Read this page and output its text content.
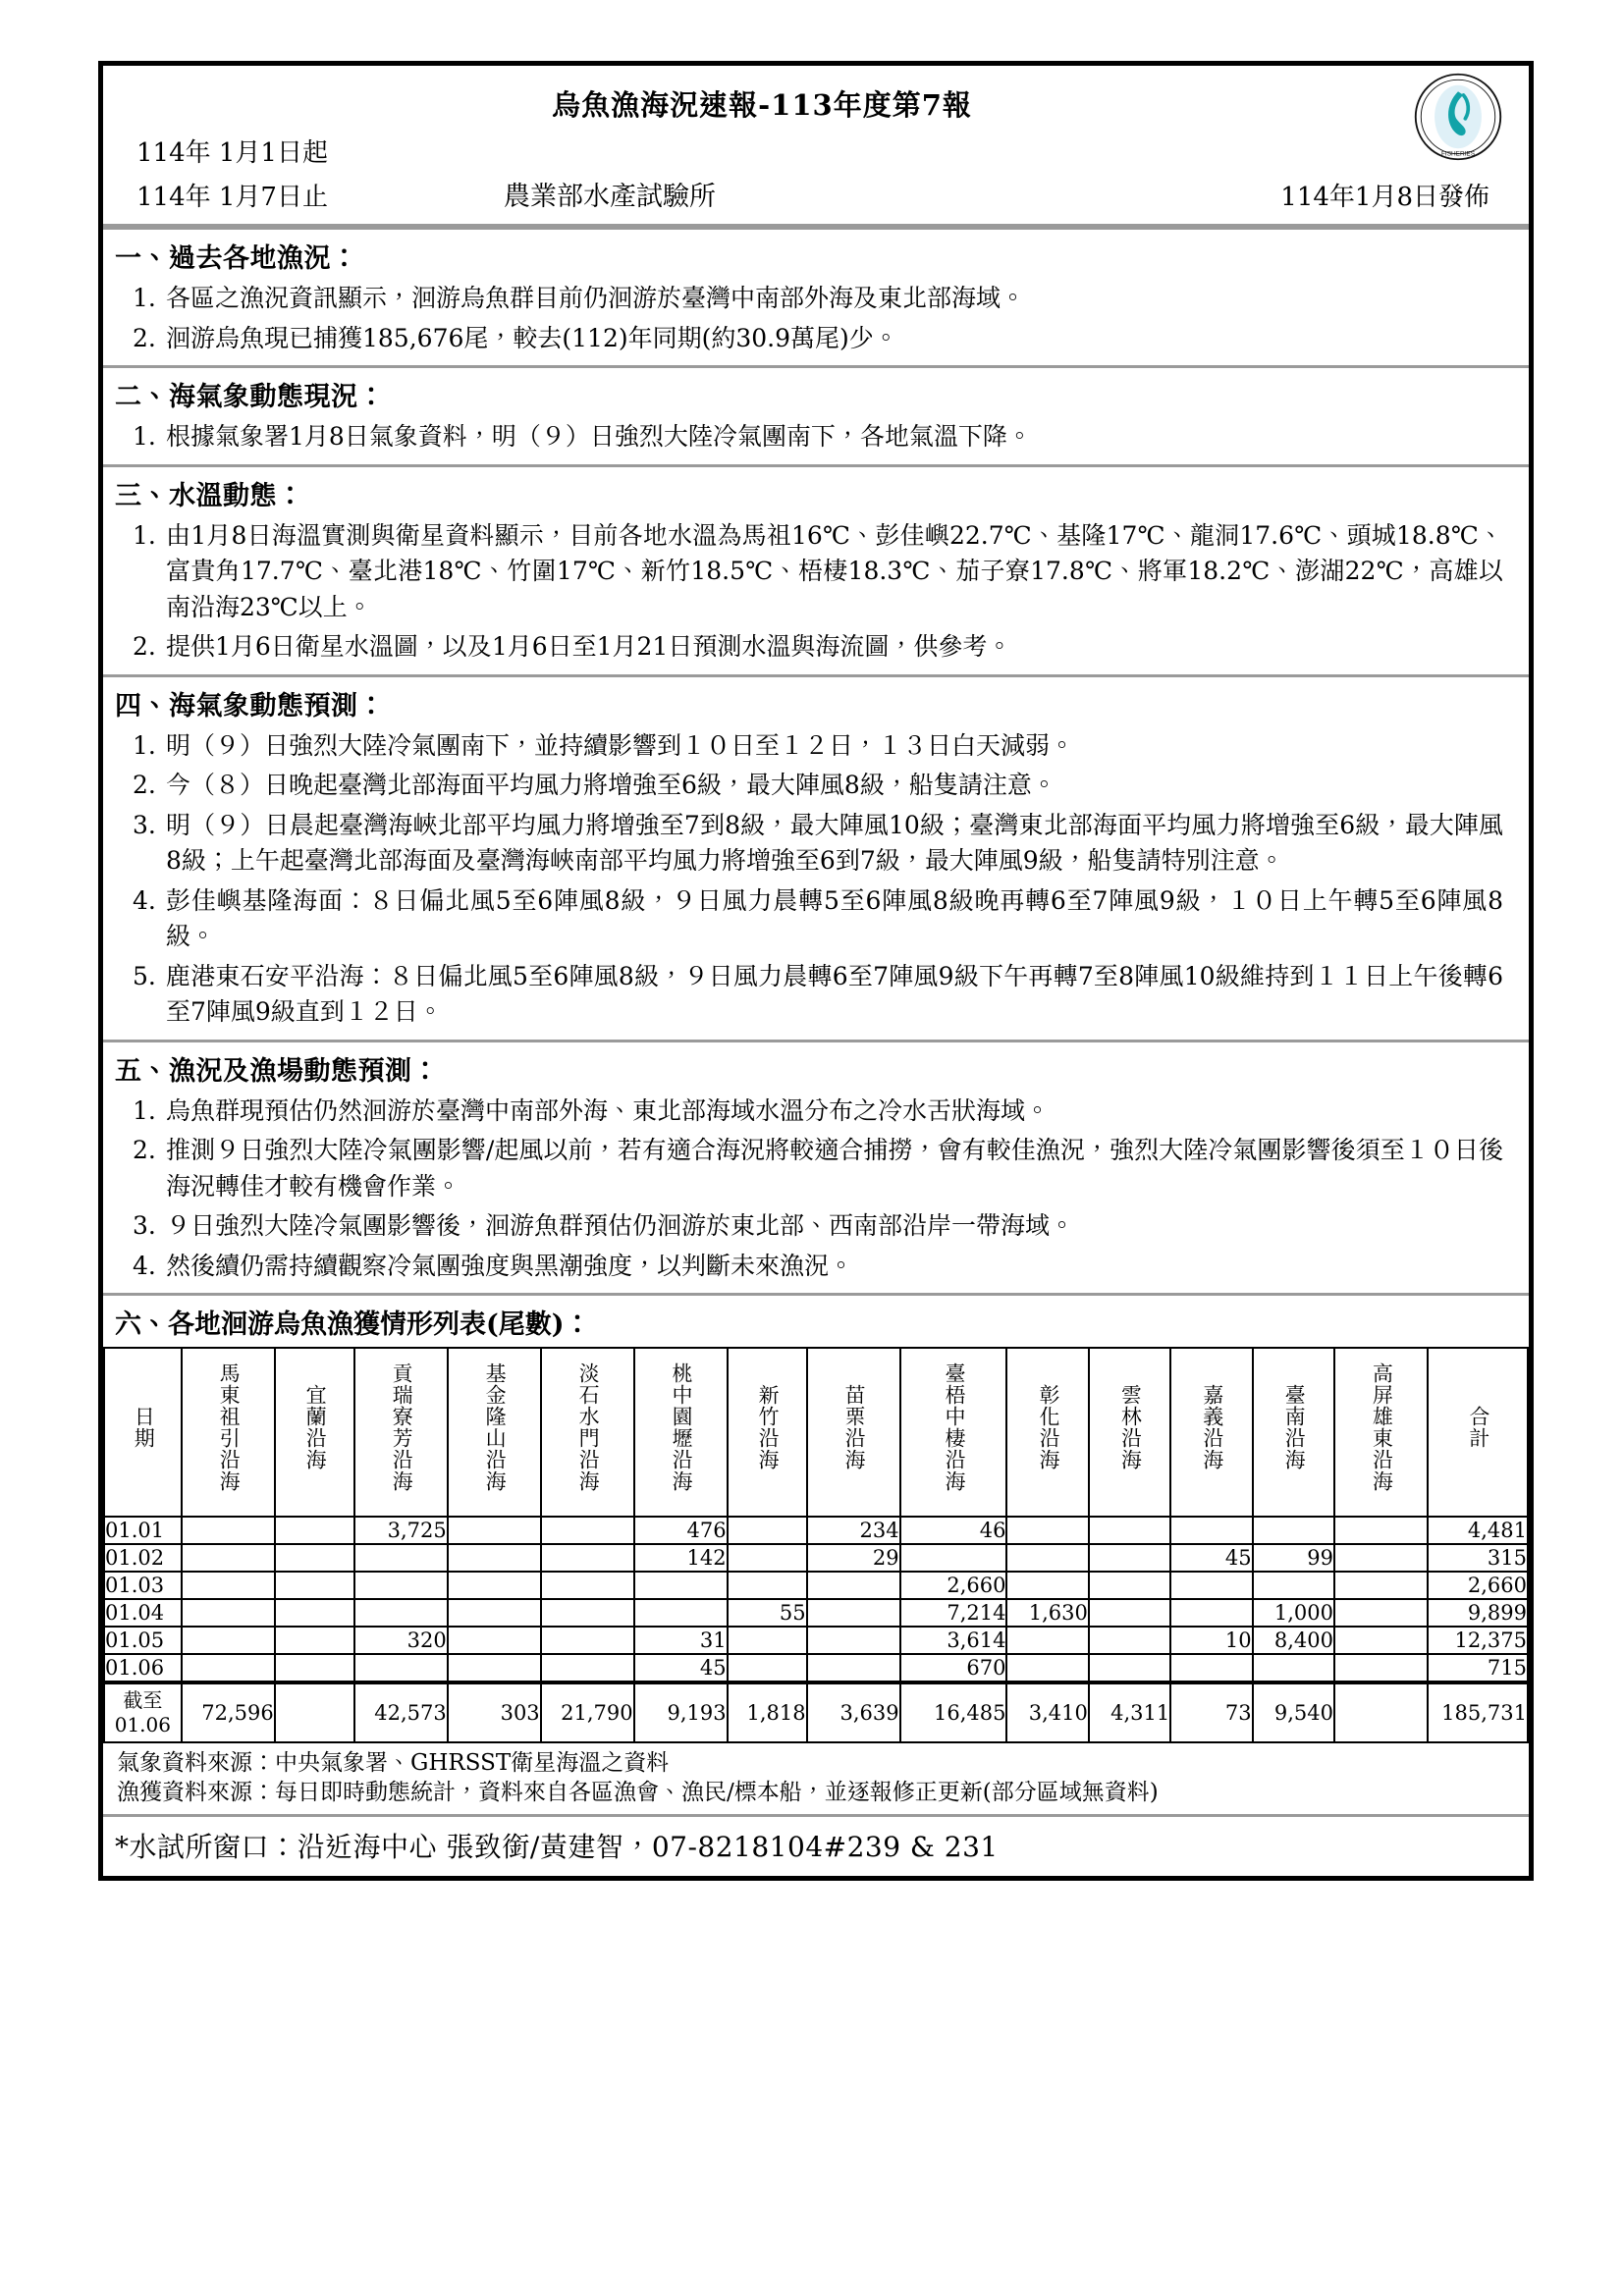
FISHERIES
烏魚漁海況速報-113年度第7報
114年 1月1日起
114年 1月7日止	農業部水產試驗所	114年1月8日發佈
一、過去各地漁況：
1. 各區之漁況資訊顯示，洄游烏魚群目前仍洄游於臺灣中南部外海及東北部海域。
2. 洄游烏魚現已捕獲185,676尾，較去(112)年同期(約30.9萬尾)少。
二、海氣象動態現況：
1. 根據氣象署1月8日氣象資料，明（９）日強烈大陸冷氣團南下，各地氣溫下降。
三、水溫動態：
1. 由1月8日海溫實測與衛星資料顯示，目前各地水溫為馬祖16℃、彭佳嶼22.7℃、基隆17℃、龍洞17.6℃、頭城18.8℃、富貴角17.7℃、臺北港18℃、竹圍17℃、新竹18.5℃、梧棲18.3℃、茄子寮17.8℃、將軍18.2℃、澎湖22℃，高雄以南沿海23℃以上。
2. 提供1月6日衛星水溫圖，以及1月6日至1月21日預測水溫與海流圖，供參考。
四、海氣象動態預測：
1. 明（９）日強烈大陸冷氣團南下，並持續影響到１０日至１２日，１３日白天減弱。
2. 今（８）日晚起臺灣北部海面平均風力將增強至6級，最大陣風8級，船隻請注意。
3. 明（９）日晨起臺灣海峽北部平均風力將增強至7到8級，最大陣風10級；臺灣東北部海面平均風力將增強至6級，最大陣風8級；上午起臺灣北部海面及臺灣海峽南部平均風力將增強至6到7級，最大陣風9級，船隻請特別注意。
4. 彭佳嶼基隆海面：８日偏北風5至6陣風8級，９日風力晨轉5至6陣風8級晚再轉6至7陣風9級，１０日上午轉5至6陣風8級。
5. 鹿港東石安平沿海：８日偏北風5至6陣風8級，９日風力晨轉6至7陣風9級下午再轉7至8陣風10級維持到１１日上午後轉6至7陣風9級直到１２日。
五、漁況及漁場動態預測：
1. 烏魚群現預估仍然洄游於臺灣中南部外海、東北部海域水溫分布之冷水舌狀海域。
2. 推測９日強烈大陸冷氣團影響/起風以前，若有適合海況將較適合捕撈，會有較佳漁況，強烈大陸冷氣團影響後須至１０日後海況轉佳才較有機會作業。
3. ９日強烈大陸冷氣團影響後，洄游魚群預估仍洄游於東北部、西南部沿岸一帶海域。
4. 然後續仍需持續觀察冷氣團強度與黑潮強度，以判斷未來漁況。
六、各地洄游烏魚漁獲情形列表(尾數)：
日期	馬東祖引沿海	宜蘭沿海	貢瑞寮芳沿海	基金隆山沿海	淡石水門沿海	桃中園壢沿海	新竹沿海	苗栗沿海	臺梧中棲沿海	彰化沿海	雲林沿海	嘉義沿海	臺南沿海	高屏雄東沿海	合計
01.01			3,725			476		234	46						4,481
01.02						142		29				45	99		315
01.03									2,660						2,660
01.04							55		7,214	1,630			1,000		9,899
01.05			320			31			3,614			10	8,400		12,375
01.06						45			670						715

截至
01.06	72,596		42,573	303	21,790	9,193	1,818	3,639	16,485	3,410	4,311	73	9,540		185,731
氣象資料來源：中央氣象署、GHRSST衛星海溫之資料
漁獲資料來源：每日即時動態統計，資料來自各區漁會、漁民/標本船，並逐報修正更新(部分區域無資料)
*水試所窗口：沿近海中心 張致銜/黃建智，07-8218104#239 & 231
